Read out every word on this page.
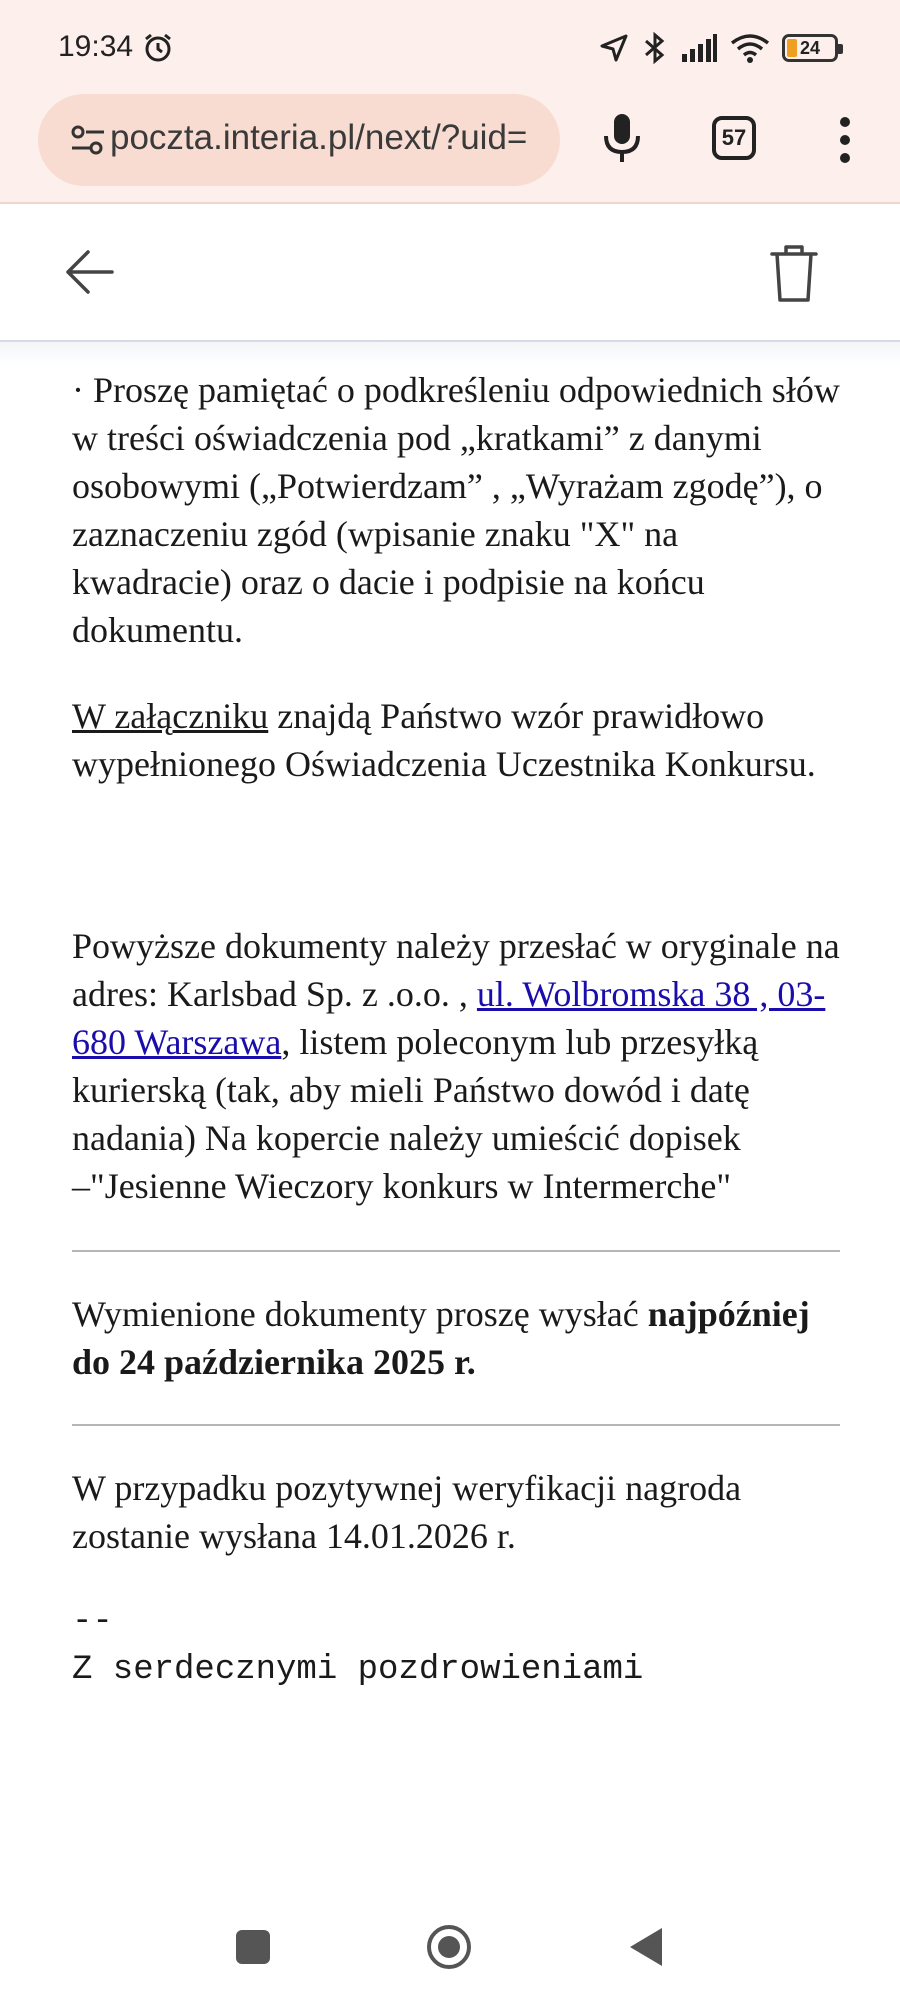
19:34	24
poczta.interia.pl/next/?uid=	57

· Proszę pamiętać o podkreśleniu odpowiednich słów w treści oświadczenia pod „kratkami” z danymi osobowymi („Potwierdzam” , „Wyrażam zgodę”), o zaznaczeniu zgód (wpisanie znaku "X" na kwadracie) oraz o dacie i podpisie na końcu dokumentu.

W załączniku znajdą Państwo wzór prawidłowo wypełnionego Oświadczenia Uczestnika Konkursu.

Powyższe dokumenty należy przesłać w oryginale na adres: Karlsbad Sp. z .o.o. , ul. Wolbromska 38 , 03-680 Warszawa, listem poleconym lub przesyłką kurierską (tak, aby mieli Państwo dowód i datę nadania) Na kopercie należy umieścić dopisek –"Jesienne Wieczory konkurs w Intermerche"

Wymienione dokumenty proszę wysłać najpóźniej do 24 października 2025 r.

W przypadku pozytywnej weryfikacji nagroda zostanie wysłana 14.01.2026 r.

--
Z serdecznymi pozdrowieniami
